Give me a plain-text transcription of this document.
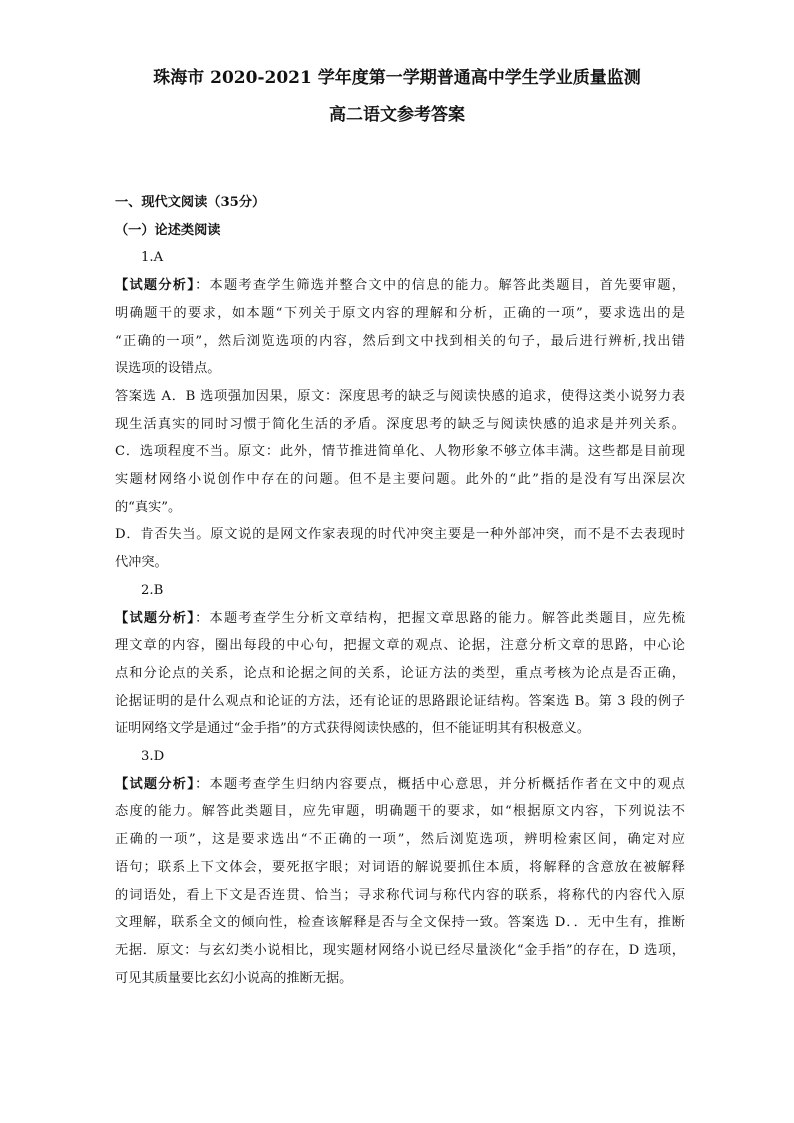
珠海市 2020-2021 学年度第一学期普通高中学生学业质量监测
高二语文参考答案

一、现代文阅读（35分）

（一）论述类阅读

1.A

【试题分析】：本题考查学生筛选并整合文中的信息的能力。解答此类题目，首先要审题，

明确题干的要求，如本题“下列关于原文内容的理解和分析，正确的一项”，要求选出的是

“正确的一项”，然后浏览选项的内容，然后到文中找到相关的句子，最后进行辨析,找出错

误选项的设错点。

答案选 A．B 选项强加因果，原文：深度思考的缺乏与阅读快感的追求，使得这类小说努力表

现生活真实的同时习惯于简化生活的矛盾。深度思考的缺乏与阅读快感的追求是并列关系。

C．选项程度不当。原文：此外，情节推进简单化、人物形象不够立体丰满。这些都是目前现

实题材网络小说创作中存在的问题。但不是主要问题。此外的“此”指的是没有写出深层次

的“真实”。

D．肯否失当。原文说的是网文作家表现的时代冲突主要是一种外部冲突，而不是不去表现时

代冲突。

2.B

【试题分析】：本题考查学生分析文章结构，把握文章思路的能力。解答此类题目，应先梳

理文章的内容，圈出每段的中心句，把握文章的观点、论据，注意分析文章的思路，中心论

点和分论点的关系，论点和论据之间的关系，论证方法的类型，重点考核为论点是否正确，

论据证明的是什么观点和论证的方法，还有论证的思路跟论证结构。答案选 B。第 3 段的例子

证明网络文学是通过“金手指”的方式获得阅读快感的，但不能证明其有积极意义。

3.D

【试题分析】：本题考查学生归纳内容要点，概括中心意思，并分析概括作者在文中的观点

态度的能力。解答此类题目，应先审题，明确题干的要求，如“根据原文内容，下列说法不

正确的一项”，这是要求选出“不正确的一项”，然后浏览选项，辨明检索区间，确定对应

语句；联系上下文体会，要死抠字眼；对词语的解说要抓住本质，将解释的含意放在被解释

的词语处，看上下文是否连贯、恰当；寻求称代词与称代内容的联系，将称代的内容代入原

文理解，联系全文的倾向性，检查该解释是否与全文保持一致。答案选 D．．无中生有，推断

无据．原文：与玄幻类小说相比，现实题材网络小说已经尽量淡化“金手指”的存在，D 选项，

可见其质量要比玄幻小说高的推断无据。
